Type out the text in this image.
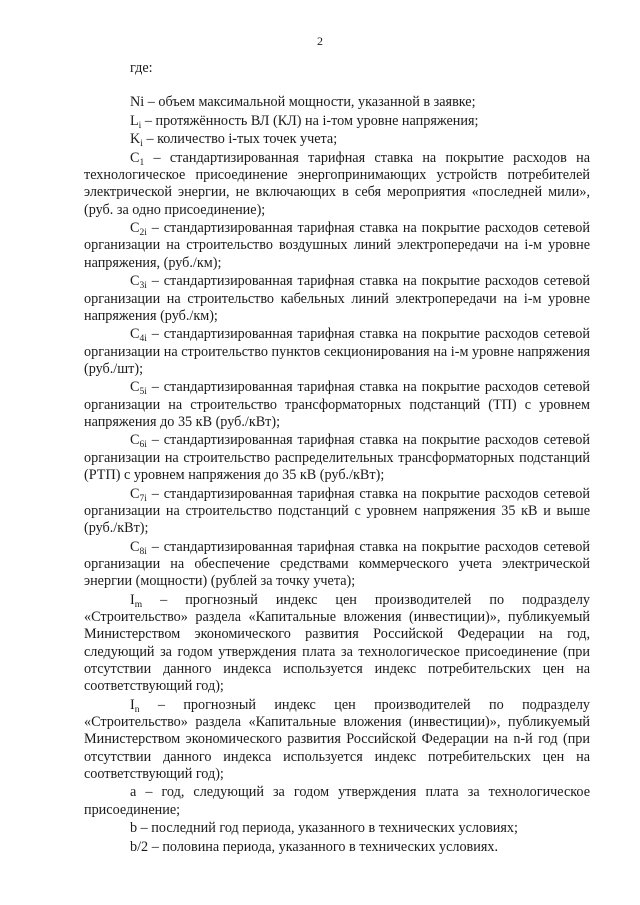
2
где:

Ni – объем максимальной мощности, указанной в заявке;

$L_i$ – протяжённость ВЛ (КЛ) на i-том уровне напряжения;

$K_i$ – количество i-тых точек учета;

$C_1$ – стандартизированная тарифная ставка на покрытие расходов на технологическое присоединение энергопринимающих устройств потребителей электрической энергии, не включающих в себя мероприятия «последней мили», (руб. за одно присоединение);

$C_{2i}$ – стандартизированная тарифная ставка на покрытие расходов сетевой организации на строительство воздушных линий электропередачи на i-м уровне напряжения, (руб./км);

$C_{3i}$ – стандартизированная тарифная ставка на покрытие расходов сетевой организации на строительство кабельных линий электропередачи на i-м уровне напряжения (руб./км);

$C_{4i}$ – стандартизированная тарифная ставка на покрытие расходов сетевой организации на строительство пунктов секционирования на i-м уровне напряжения (руб./шт);

$C_{5i}$ – стандартизированная тарифная ставка на покрытие расходов сетевой организации на строительство трансформаторных подстанций (ТП) с уровнем напряжения до 35 кВ (руб./кВт);

$C_{6i}$ – стандартизированная тарифная ставка на покрытие расходов сетевой организации на строительство распределительных трансформаторных подстанций (РТП) с уровнем напряжения до 35 кВ (руб./кВт);

$C_{7i}$ – стандартизированная тарифная ставка на покрытие расходов сетевой организации на строительство подстанций с уровнем напряжения 35 кВ и выше (руб./кВт);

$C_{8i}$ – стандартизированная тарифная ставка на покрытие расходов сетевой организации на обеспечение средствами коммерческого учета электрической энергии (мощности) (рублей за точку учета);

$I_m$ – прогнозный индекс цен производителей по подразделу «Строительство» раздела «Капитальные вложения (инвестиции)», публикуемый Министерством экономического развития Российской Федерации на год, следующий за годом утверждения плата за технологическое присоединение (при отсутствии данного индекса используется индекс потребительских цен на соответствующий год);

$I_n$ – прогнозный индекс цен производителей по подразделу «Строительство» раздела «Капитальные вложения (инвестиции)», публикуемый Министерством экономического развития Российской Федерации на n-й год (при отсутствии данного индекса используется индекс потребительских цен на соответствующий год);

a – год, следующий за годом утверждения плата за технологическое присоединение;

b – последний год периода, указанного в технических условиях;

b/2 – половина периода, указанного в технических условиях.
